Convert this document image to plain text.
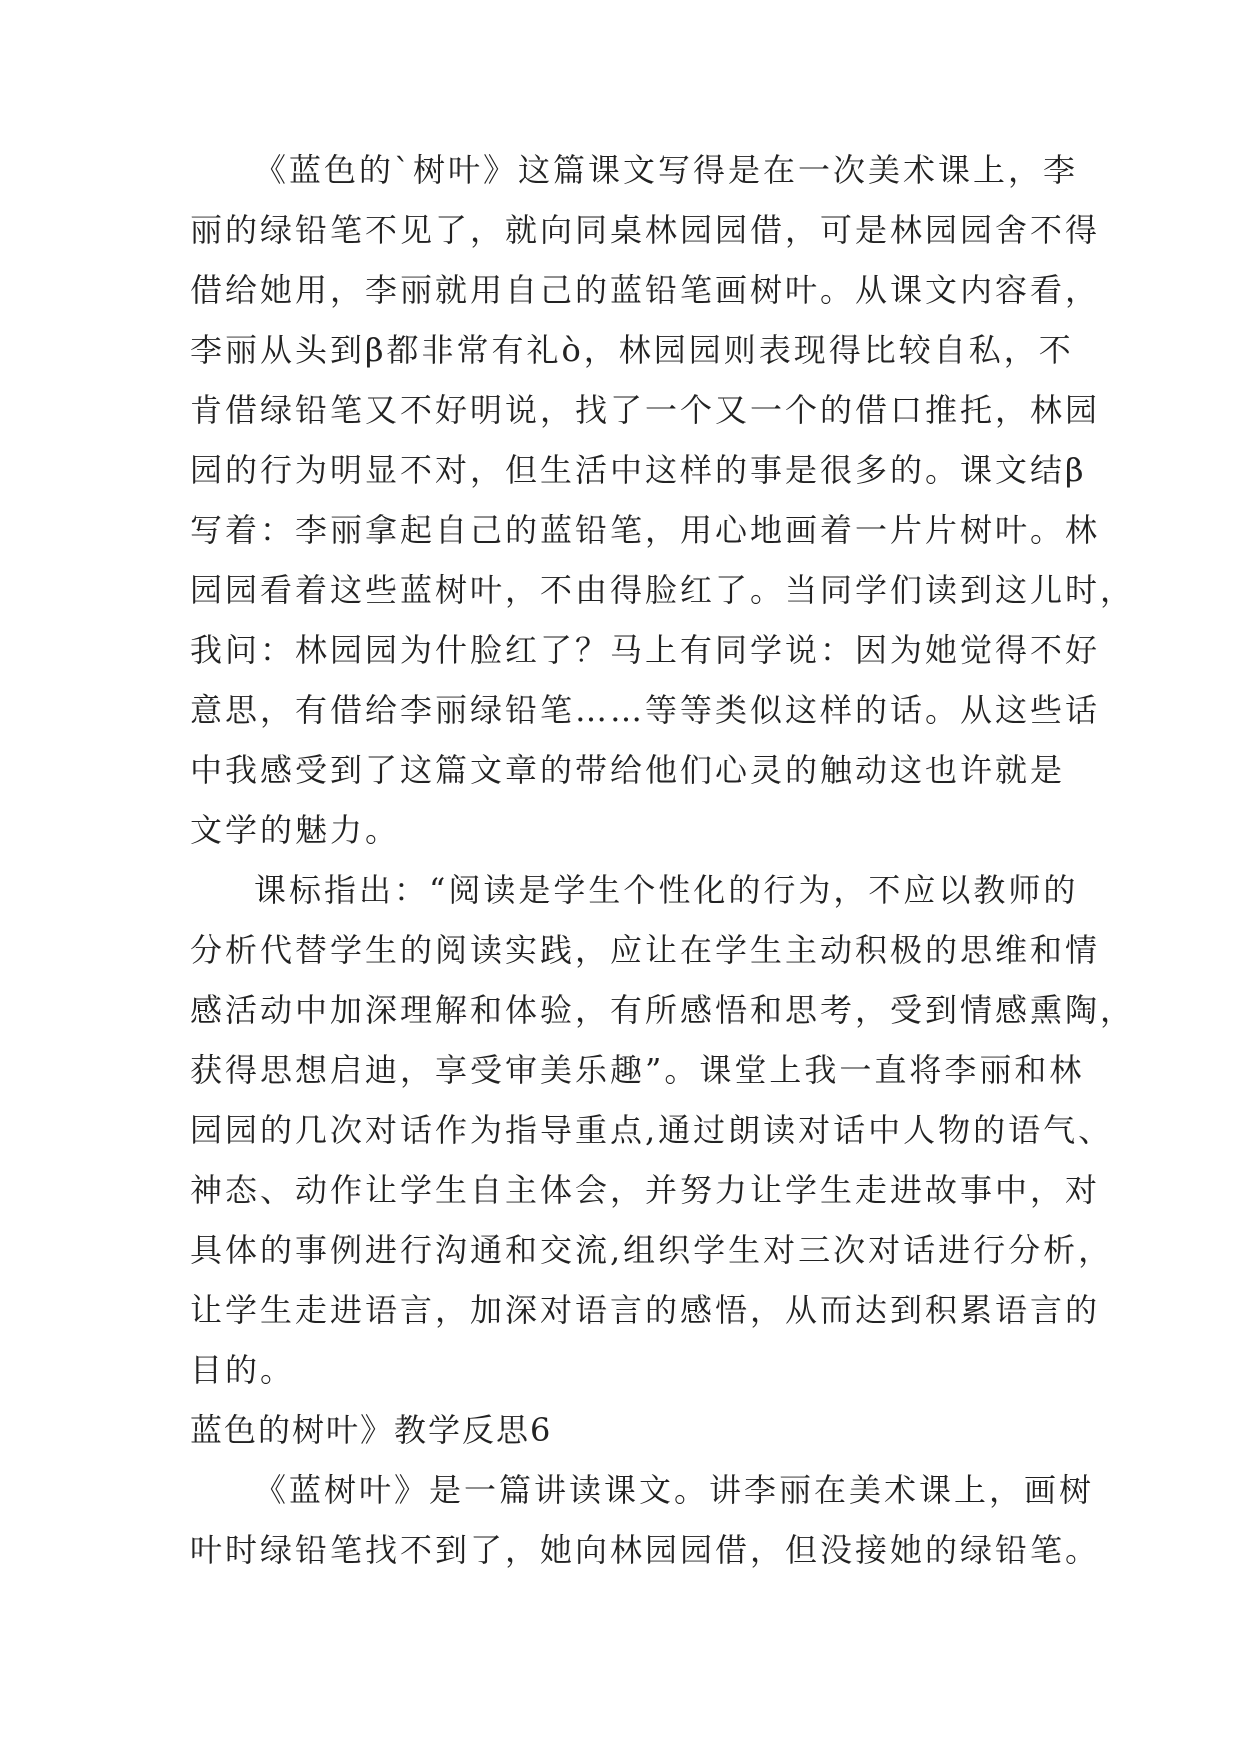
《蓝色的`树叶》这篇课文写得是在一次美术课上，李

丽的绿铅笔不见了，就向同桌林园园借，可是林园园舍不得

借给她用，李丽就用自己的蓝铅笔画树叶。从课文内容看，

李丽从头到β都非常有礼ò，林园园则表现得比较自私，不

肯借绿铅笔又不好明说，找了一个又一个的借口推托，林园

园的行为明显不对，但生活中这样的事是很多的。课文结β

写着：李丽拿起自己的蓝铅笔，用心地画着一片片树叶。林

园园看着这些蓝树叶，不由得脸红了。当同学们读到这儿时，

我问：林园园为什脸红了？马上有同学说：因为她觉得不好

意思，有借给李丽绿铅笔……等等类似这样的话。从这些话

中我感受到了这篇文章的带给他们心灵的触动这也许就是

文学的魅力。

课标指出：“阅读是学生个性化的行为，不应以教师的

分析代替学生的阅读实践，应让在学生主动积极的思维和情

感活动中加深理解和体验，有所感悟和思考，受到情感熏陶，

获得思想启迪，享受审美乐趣”。课堂上我一直将李丽和林

园园的几次对话作为指导重点,通过朗读对话中人物的语气、

神态、动作让学生自主体会，并努力让学生走进故事中，对

具体的事例进行沟通和交流,组织学生对三次对话进行分析，

让学生走进语言，加深对语言的感悟，从而达到积累语言的

目的。

蓝色的树叶》教学反思6

《蓝树叶》是一篇讲读课文。讲李丽在美术课上，画树

叶时绿铅笔找不到了，她向林园园借，但没接她的绿铅笔。
